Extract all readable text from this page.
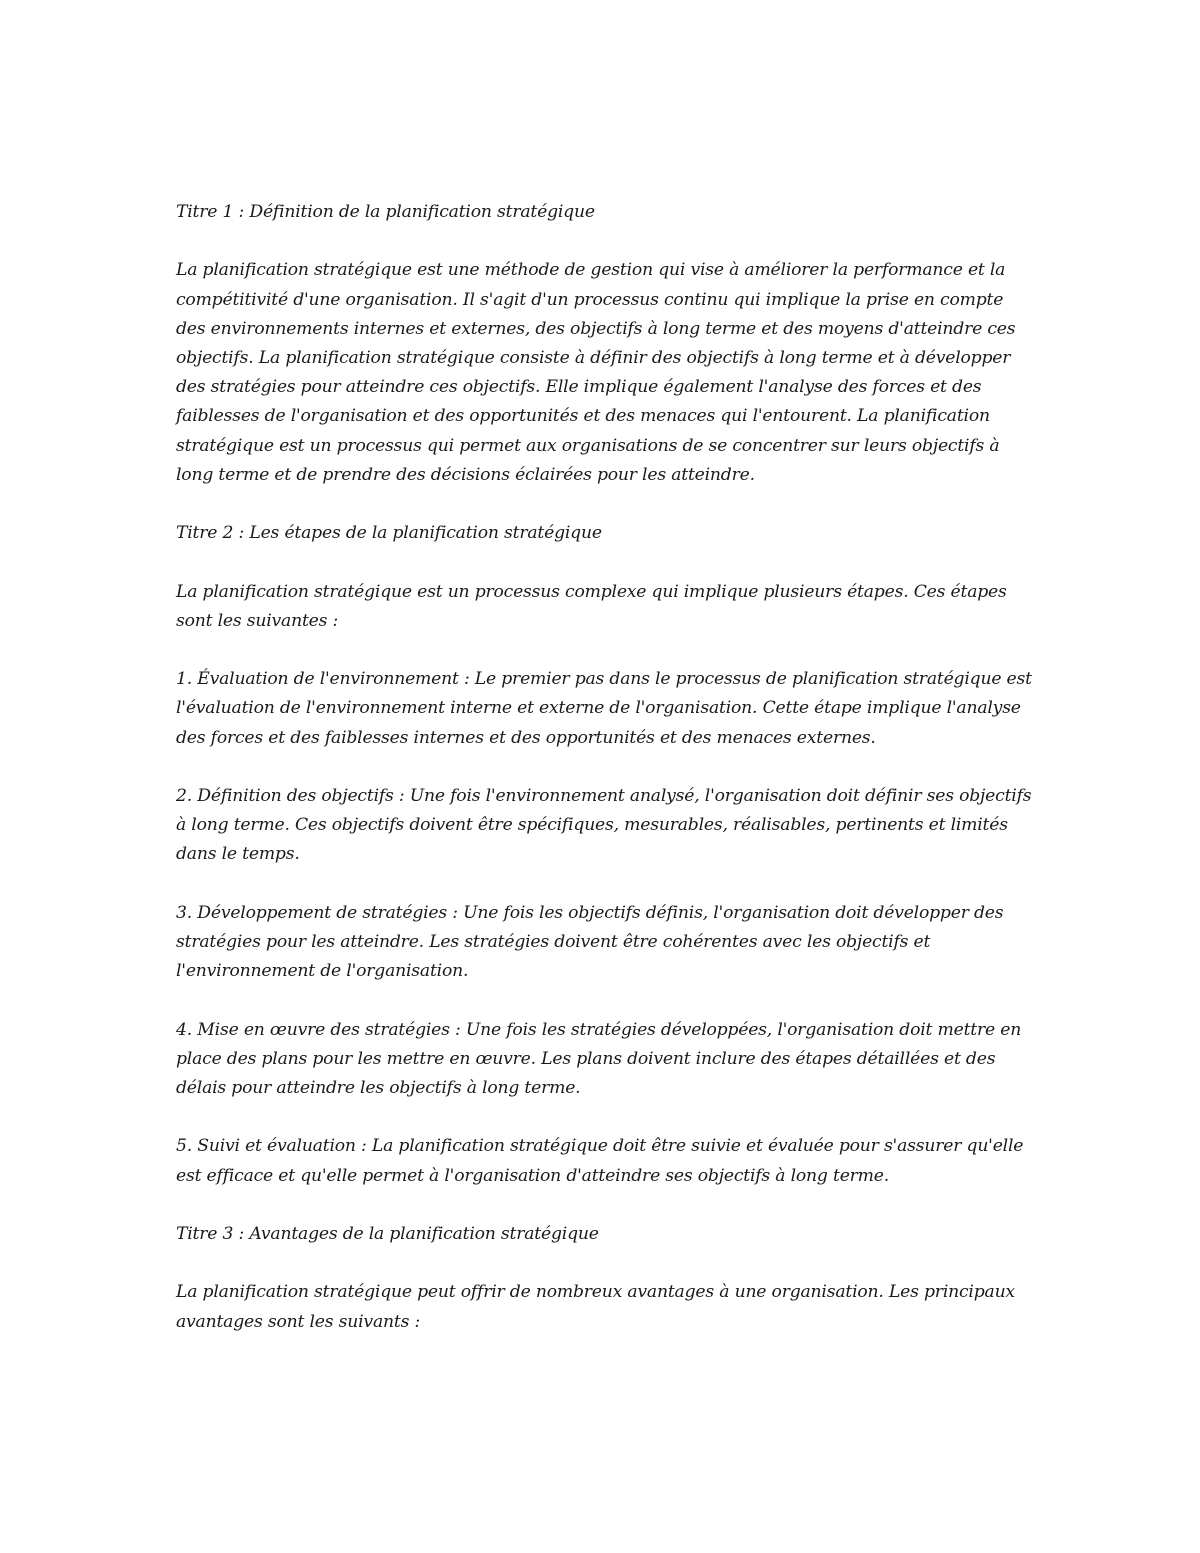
Titre 1 : Définition de la planification stratégique

La planification stratégique est une méthode de gestion qui vise à améliorer la performance et la compétitivité d'une organisation. Il s'agit d'un processus continu qui implique la prise en compte des environnements internes et externes, des objectifs à long terme et des moyens d'atteindre ces objectifs. La planification stratégique consiste à définir des objectifs à long terme et à développer des stratégies pour atteindre ces objectifs. Elle implique également l'analyse des forces et des faiblesses de l'organisation et des opportunités et des menaces qui l'entourent. La planification stratégique est un processus qui permet aux organisations de se concentrer sur leurs objectifs à long terme et de prendre des décisions éclairées pour les atteindre.

Titre 2 : Les étapes de la planification stratégique

La planification stratégique est un processus complexe qui implique plusieurs étapes. Ces étapes sont les suivantes :

1. Évaluation de l'environnement : Le premier pas dans le processus de planification stratégique est l'évaluation de l'environnement interne et externe de l'organisation. Cette étape implique l'analyse des forces et des faiblesses internes et des opportunités et des menaces externes.

2. Définition des objectifs : Une fois l'environnement analysé, l'organisation doit définir ses objectifs à long terme. Ces objectifs doivent être spécifiques, mesurables, réalisables, pertinents et limités dans le temps.

3. Développement de stratégies : Une fois les objectifs définis, l'organisation doit développer des stratégies pour les atteindre. Les stratégies doivent être cohérentes avec les objectifs et l'environnement de l'organisation.

4. Mise en œuvre des stratégies : Une fois les stratégies développées, l'organisation doit mettre en place des plans pour les mettre en œuvre. Les plans doivent inclure des étapes détaillées et des délais pour atteindre les objectifs à long terme.

5. Suivi et évaluation : La planification stratégique doit être suivie et évaluée pour s'assurer qu'elle est efficace et qu'elle permet à l'organisation d'atteindre ses objectifs à long terme.

Titre 3 : Avantages de la planification stratégique

La planification stratégique peut offrir de nombreux avantages à une organisation. Les principaux avantages sont les suivants :
